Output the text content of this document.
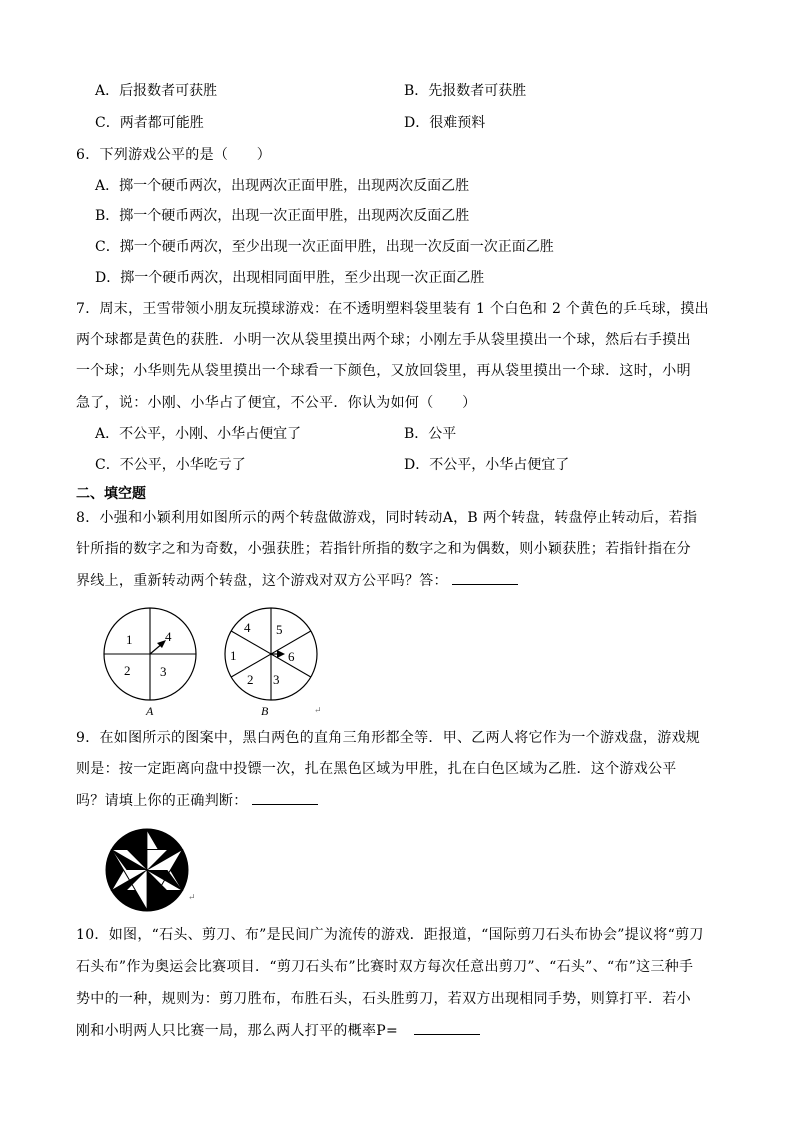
A．后报数者可获胜	B．先报数者可获胜
C．两者都可能胜	D．很难预料
6．下列游戏公平的是（　　）
A．掷一个硬币两次，出现两次正面甲胜，出现两次反面乙胜
B．掷一个硬币两次，出现一次正面甲胜，出现两次反面乙胜
C．掷一个硬币两次，至少出现一次正面甲胜，出现一次反面一次正面乙胜
D．掷一个硬币两次，出现相同面甲胜，至少出现一次正面乙胜
7．周末，王雪带领小朋友玩摸球游戏：在不透明塑料袋里装有 1 个白色和 2 个黄色的乒乓球，摸出
两个球都是黄色的获胜．小明一次从袋里摸出两个球；小刚左手从袋里摸出一个球，然后右手摸出
一个球；小华则先从袋里摸出一个球看一下颜色，又放回袋里，再从袋里摸出一个球．这时，小明
急了，说：小刚、小华占了便宜，不公平．你认为如何（　　）
A．不公平，小刚、小华占便宜了	B．公平
C．不公平，小华吃亏了	D．不公平，小华占便宜了
二、填空题
8．小强和小颖利用如图所示的两个转盘做游戏，同时转动A，B 两个转盘，转盘停止转动后，若指
针所指的数字之和为奇数，小强获胜；若指针所指的数字之和为偶数，则小颖获胜；若指针指在分
界线上，重新转动两个转盘，这个游戏对双方公平吗？答：
1	4
2 3
A
4 5
1	6
2 3
B	↵
9．在如图所示的图案中，黑白两色的直角三角形都全等．甲、乙两人将它作为一个游戏盘，游戏规
则是：按一定距离向盘中投镖一次，扎在黑色区域为甲胜，扎在白色区域为乙胜．这个游戏公平
吗？请填上你的正确判断：
↵
10．如图，“石头、剪刀、布”是民间广为流传的游戏．距报道，“国际剪刀石头布协会”提议将“剪刀
石头布”作为奥运会比赛项目．“剪刀石头布”比赛时双方每次任意出剪刀”、“石头”、“布”这三种手
势中的一种，规则为：剪刀胜布，布胜石头，石头胜剪刀，若双方出现相同手势，则算打平．若小
刚和小明两人只比赛一局，那么两人打平的概率P=
